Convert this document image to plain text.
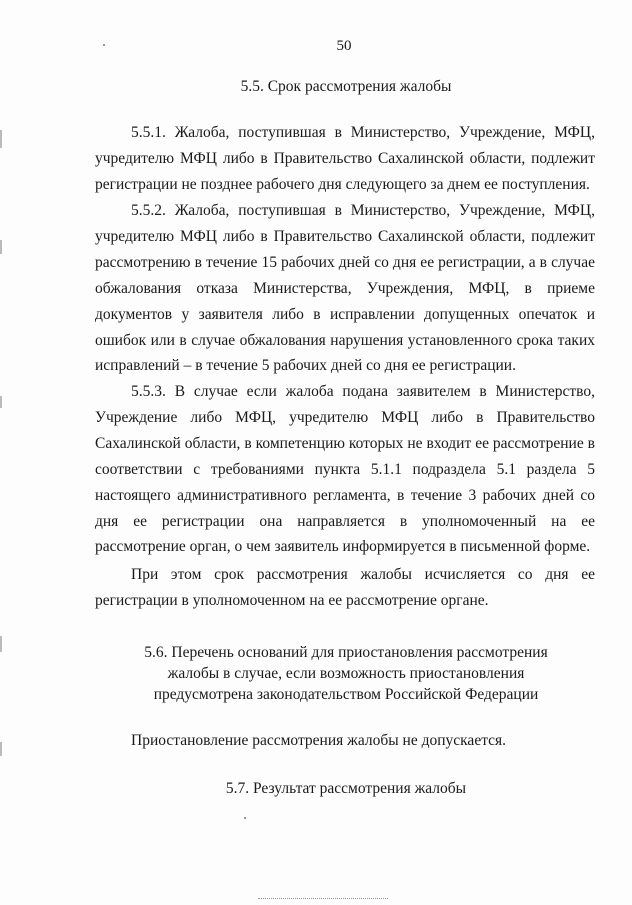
50
5.5. Срок рассмотрения жалобы

5.5.1. Жалоба, поступившая в Министерство, Учреждение, МФЦ, учредителю МФЦ либо в Правительство Сахалинской области, подлежит регистрации не позднее рабочего дня следующего за днем ее поступления.

5.5.2. Жалоба, поступившая в Министерство, Учреждение, МФЦ, учредителю МФЦ либо в Правительство Сахалинской области, подлежит рассмотрению в течение 15 рабочих дней со дня ее регистрации, а в случае обжалования отказа Министерства, Учреждения, МФЦ, в приеме документов у заявителя либо в исправлении допущенных опечаток и ошибок или в случае обжалования нарушения установленного срока таких исправлений – в течение 5 рабочих дней со дня ее регистрации.

5.5.3. В случае если жалоба подана заявителем в Министерство, Учреждение либо МФЦ, учредителю МФЦ либо в Правительство Сахалинской области, в компетенцию которых не входит ее рассмотрение в соответствии с требованиями пункта 5.1.1 подраздела 5.1 раздела 5 настоящего административного регламента, в течение 3 рабочих дней со дня ее регистрации она направляется в уполномоченный на ее рассмотрение орган, о чем заявитель информируется в письменной форме.

При этом срок рассмотрения жалобы исчисляется со дня ее регистрации в уполномоченном на ее рассмотрение органе.

5.6. Перечень оснований для приостановления рассмотрения
жалобы в случае, если возможность приостановления
предусмотрена законодательством Российской Федерации

Приостановление рассмотрения жалобы не допускается.

5.7. Результат рассмотрения жалобы
